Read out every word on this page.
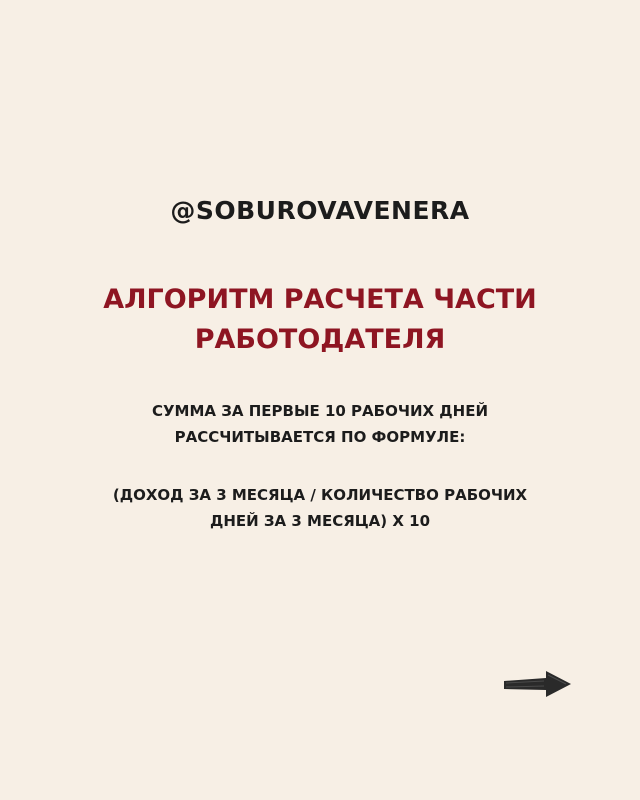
@SOBUROVAVENERA
АЛГОРИТМ РАСЧЕТА ЧАСТИ
РАБОТОДАТЕЛЯ
СУММА ЗА ПЕРВЫЕ 10 РАБОЧИХ ДНЕЙ
РАССЧИТЫВАЕТСЯ ПО ФОРМУЛЕ:
(ДОХОД ЗА 3 МЕСЯЦА / КОЛИЧЕСТВО РАБОЧИХ
ДНЕЙ ЗА 3 МЕСЯЦА) Х 10
